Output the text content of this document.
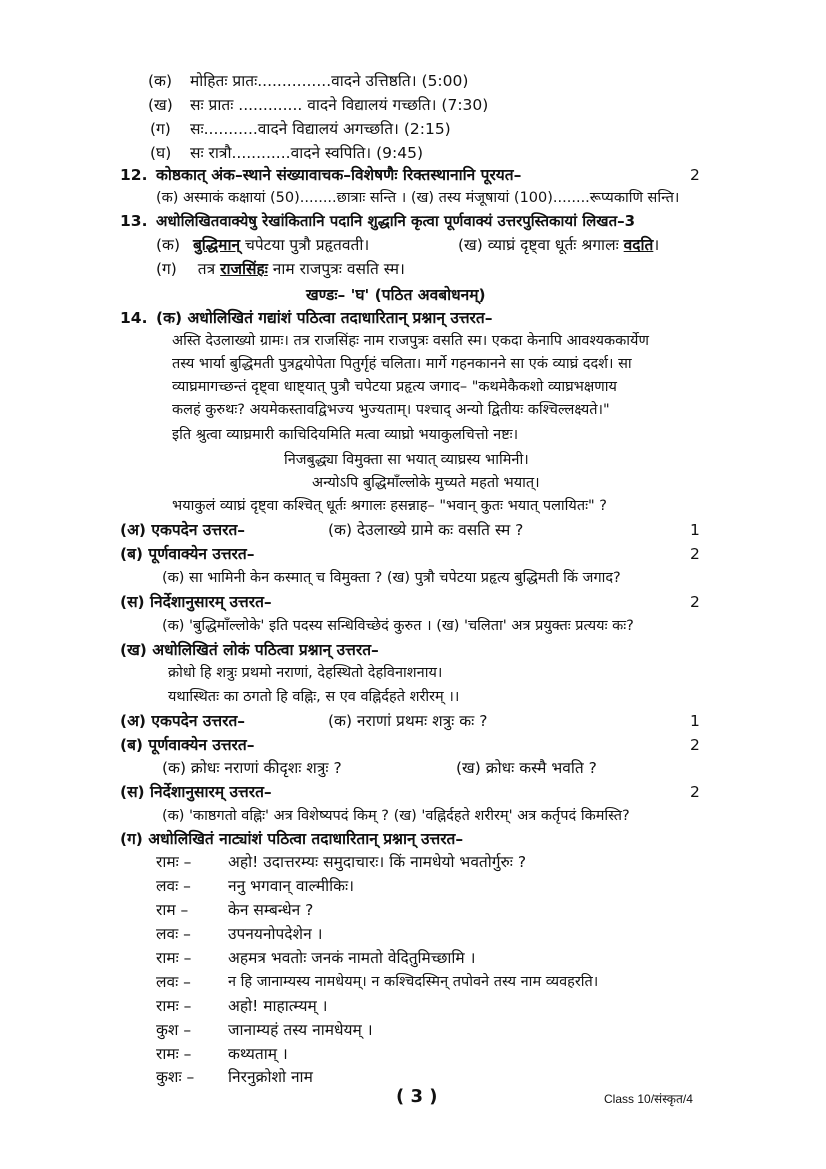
(क) मोहितः प्रातः...............वादने उत्तिष्ठति। (5:00)
(ख) सः प्रातः ............. वादने विद्यालयं गच्छति। (7:30)
(ग) सः...........वादने विद्यालयं अगच्छति। (2:15)
(घ) सः रात्रौ............वादने स्वपिति। (9:45)
12. कोष्ठकात् अंक–स्थाने संख्यावाचक–विशेषणैः रिक्तस्थानानि पूरयत–	2
(क) अस्माकं कक्षायां (50)........छात्राः सन्ति । (ख) तस्य मंजूषायां (100)........रूप्यकाणि सन्ति।
13. अधोलिखितवाक्येषु रेखांकितानि पदानि शुद्धानि कृत्वा पूर्णवाक्यं उत्तरपुस्तिकायां लिखत–3
(क) बुद्धिमान् चपेटया पुत्रौ प्रहृतवती।	(ख) व्याघ्रं दृष्ट्वा धूर्तः श्रगालः वदति।
(ग) तत्र राजसिंहः नाम राजपुत्रः वसति स्म।
खण्डः– 'घ' (पठित अवबोधनम्)
14. (क) अधोलिखितं गद्यांशं पठित्वा तदाधारितान् प्रश्नान् उत्तरत–
अस्ति देउलाख्यो ग्रामः। तत्र राजसिंहः नाम राजपुत्रः वसति स्म। एकदा केनापि आवश्यककार्येण
तस्य भार्या बुद्धिमती पुत्रद्वयोपेता पितुर्गृहं चलिता। मार्गे गहनकानने सा एकं व्याघ्रं ददर्श। सा
व्याघ्रमागच्छन्तं दृष्ट्वा धाष्ट्यात् पुत्रौ चपेटया प्रहृत्य जगाद– "कथमेकैकशो व्याघ्रभक्षणाय
कलहं कुरुथः? अयमेकस्तावद्विभज्य भुज्यताम्। पश्चाद् अन्यो द्वितीयः कश्चिल्लक्ष्यते।"
इति श्रुत्वा व्याघ्रमारी काचिदियमिति मत्वा व्याघ्रो भयाकुलचित्तो नष्टः।
निजबुद्ध्या विमुक्ता सा भयात् व्याघ्रस्य भामिनी।
अन्योऽपि बुद्धिमाँल्लोके मुच्यते महतो भयात्।
भयाकुलं व्याघ्रं दृष्ट्वा कश्चित् धूर्तः श्रगालः हसन्नाह– "भवान् कुतः भयात् पलायितः" ?
(अ) एकपदेन उत्तरत–	(क) देउलाख्ये ग्रामे कः वसति स्म ?	1
(ब) पूर्णवाक्येन उत्तरत–	2
(क) सा भामिनी केन कस्मात् च विमुक्ता ? (ख) पुत्रौ चपेटया प्रहृत्य बुद्धिमती किं जगाद?
(स) निर्देशानुसारम् उत्तरत–	2
(क) 'बुद्धिमाँल्लोके' इति पदस्य सन्धिविच्छेदं कुरुत । (ख) 'चलिता' अत्र प्रयुक्तः प्रत्ययः कः?
(ख) अधोलिखितं लोकं पठित्वा प्रश्नान् उत्तरत–
क्रोधो हि शत्रुः प्रथमो नराणां, देहस्थितो देहविनाशनाय।
यथास्थितः का ठगतो हि वह्निः, स एव वह्निर्दहते शरीरम् ।।
(अ) एकपदेन उत्तरत–	(क) नराणां प्रथमः शत्रुः कः ?	1
(ब) पूर्णवाक्येन उत्तरत–	2
(क) क्रोधः नराणां कीदृशः शत्रुः ?	(ख) क्रोधः कस्मै भवति ?
(स) निर्देशानुसारम् उत्तरत–	2
(क) 'काष्ठगतो वह्निः' अत्र विशेष्यपदं किम् ? (ख) 'वह्निर्दहते शरीरम्' अत्र कर्तृपदं किमस्ति?
(ग) अधोलिखितं नाट्यांशं पठित्वा तदाधारितान् प्रश्नान् उत्तरत–
रामः – अहो! उदात्तरम्यः समुदाचारः। किं नामधेयो भवतोर्गुरुः ?
लवः – ननु भगवान् वाल्मीकिः।
राम –	केन सम्बन्धेन ?
लवः – उपनयनोपदेशेन ।
रामः – अहमत्र भवतोः जनकं नामतो वेदितुमिच्छामि ।
लवः –	न हि जानाम्यस्य नामधेयम्। न कश्चिदस्मिन् तपोवने तस्य नाम व्यवहरति।
रामः – अहो! माहात्म्यम् ।
कुश – जानाम्यहं तस्य नामधेयम् ।
रामः – कथ्यताम् ।
कुशः – निरनुक्रोशो नाम
( 3 )	Class 10/संस्कृत/4
